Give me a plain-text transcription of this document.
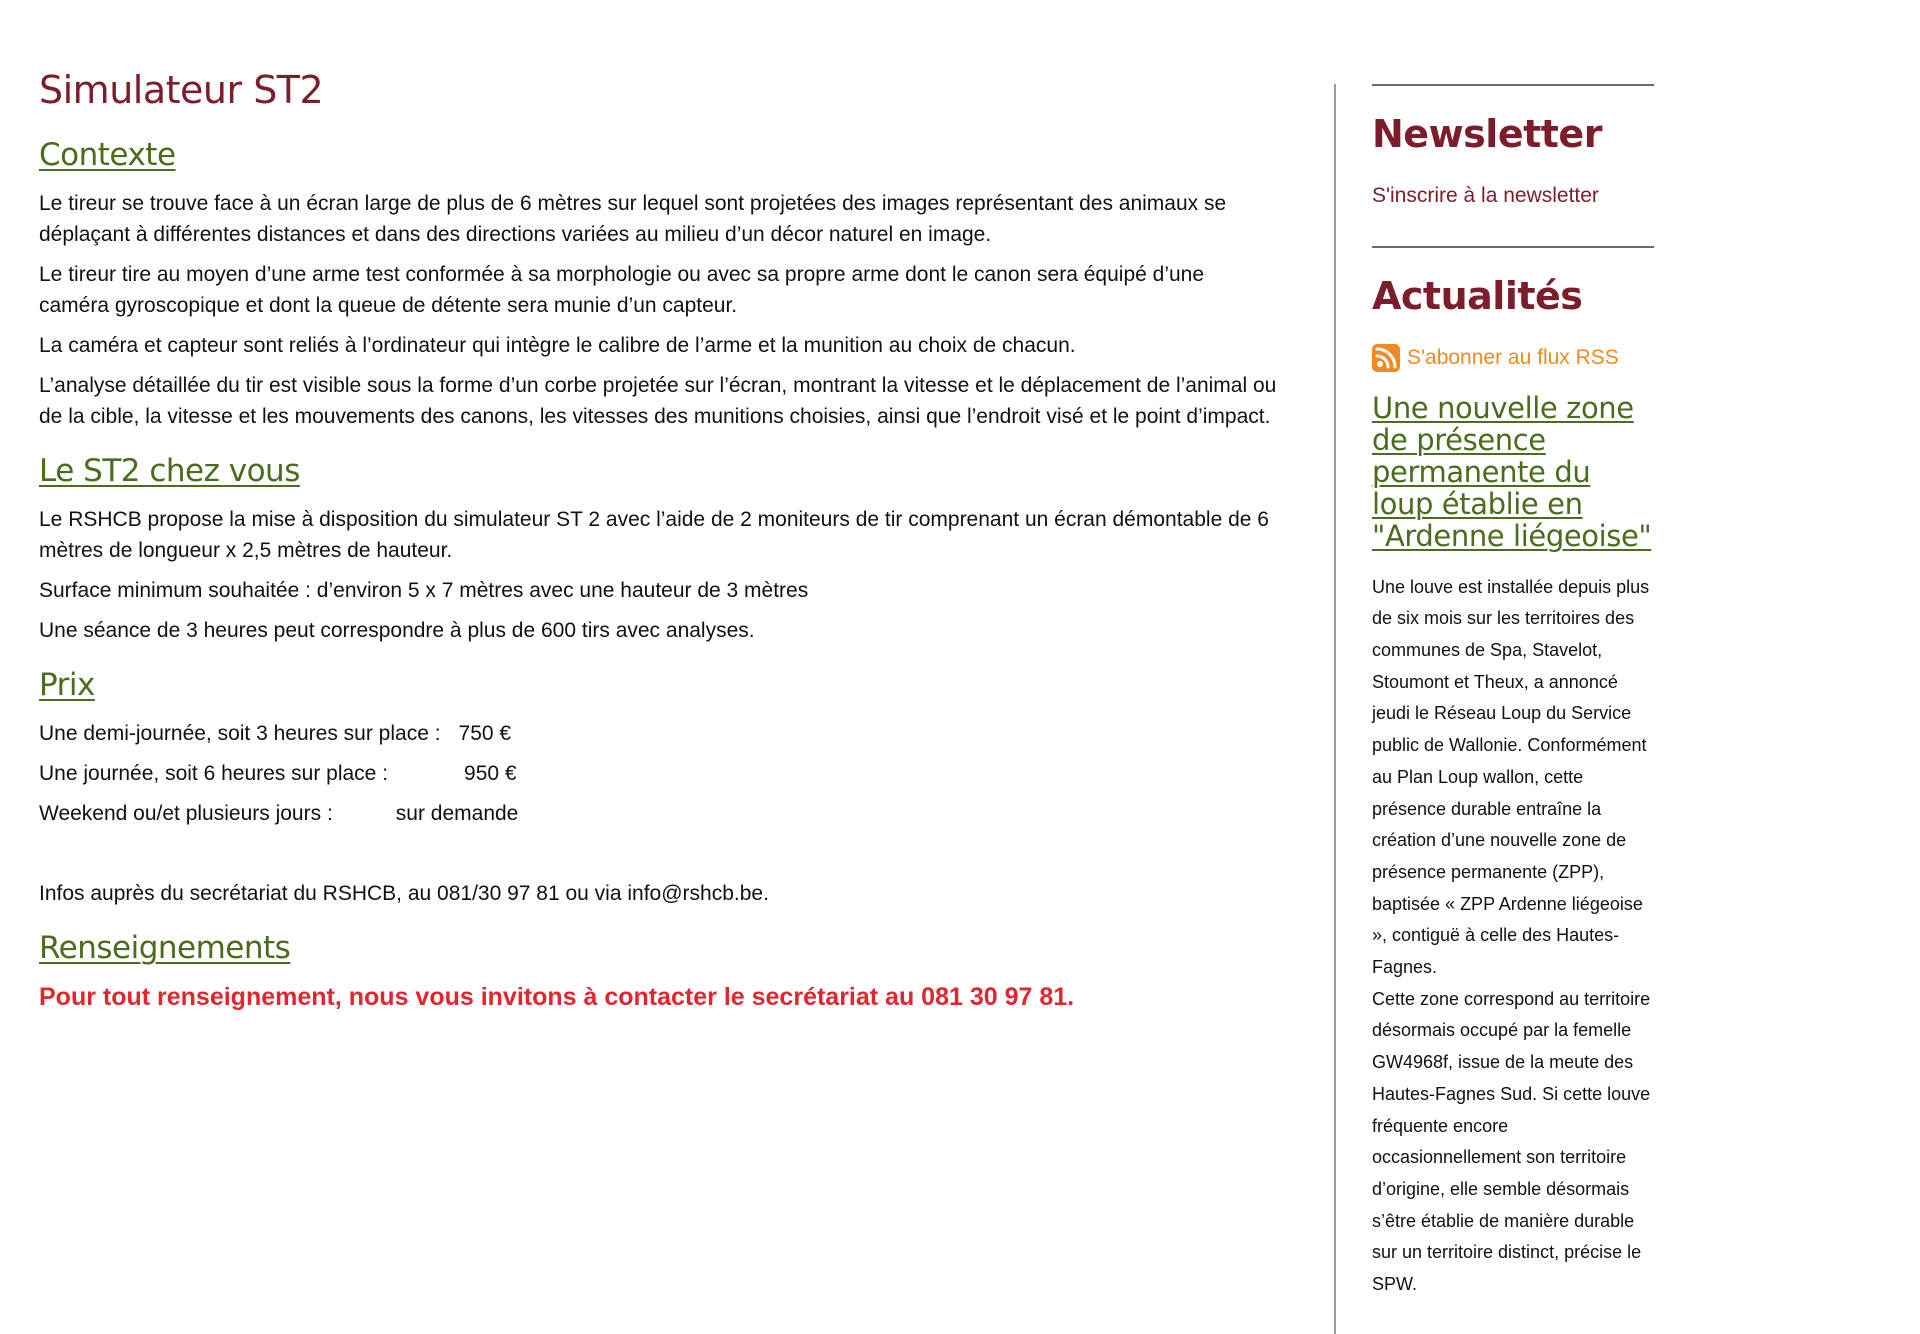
Simulateur ST2
Contexte

Le tireur se trouve face à un écran large de plus de 6 mètres sur lequel sont projetées des images représentant des animaux se déplaçant à différentes distances et dans des directions variées au milieu d’un décor naturel en image.

Le tireur tire au moyen d’une arme test conformée à sa morphologie ou avec sa propre arme dont le canon sera équipé d’une caméra gyroscopique et dont la queue de détente sera munie d’un capteur.

La caméra et capteur sont reliés à l’ordinateur qui intègre le calibre de l’arme et la munition au choix de chacun.

L’analyse détaillée du tir est visible sous la forme d’un corbe projetée sur l’écran, montrant la vitesse et le déplacement de l’animal ou de la cible, la vitesse et les mouvements des canons, les vitesses des munitions choisies, ainsi que l’endroit visé et le point d’impact.

Le ST2 chez vous

Le RSHCB propose la mise à disposition du simulateur ST 2 avec l’aide de 2 moniteurs de tir comprenant un écran démontable de 6 mètres de longueur x 2,5 mètres de hauteur.

Surface minimum souhaitée : d’environ 5 x 7 mètres avec une hauteur de 3 mètres

Une séance de 3 heures peut correspondre à plus de 600 tirs avec analyses.

Prix
Une demi-journée, soit 3 heures sur place : 750 €
Une journée, soit 6 heures sur place :	950 €
Weekend ou/et plusieurs jours :	sur demande

Infos auprès du secrétariat du RSHCB, au 081/30 97 81 ou via info@rshcb.be.

Renseignements

Pour tout renseignement, nous vous invitons à contacter le secrétariat au 081 30 97 81.

Newsletter
S'inscrire à la newsletter
Actualités
S'abonner au flux RSS
Une nouvelle zone de présence permanente du loup établie en "Ardenne liégeoise"

Une louve est installée depuis plus de six mois sur les territoires des communes de Spa, Stavelot, Stoumont et Theux, a annoncé jeudi le Réseau Loup du Service public de Wallonie. Conformément au Plan Loup wallon, cette présence durable entraîne la création d’une nouvelle zone de présence permanente (ZPP), baptisée « ZPP Ardenne liégeoise », contiguë à celle des Hautes-Fagnes.

Cette zone correspond au territoire désormais occupé par la femelle GW4968f, issue de la meute des Hautes-Fagnes Sud. Si cette louve fréquente encore occasionnellement son territoire d’origine, elle semble désormais s’être établie de manière durable sur un territoire distinct, précise le SPW.
